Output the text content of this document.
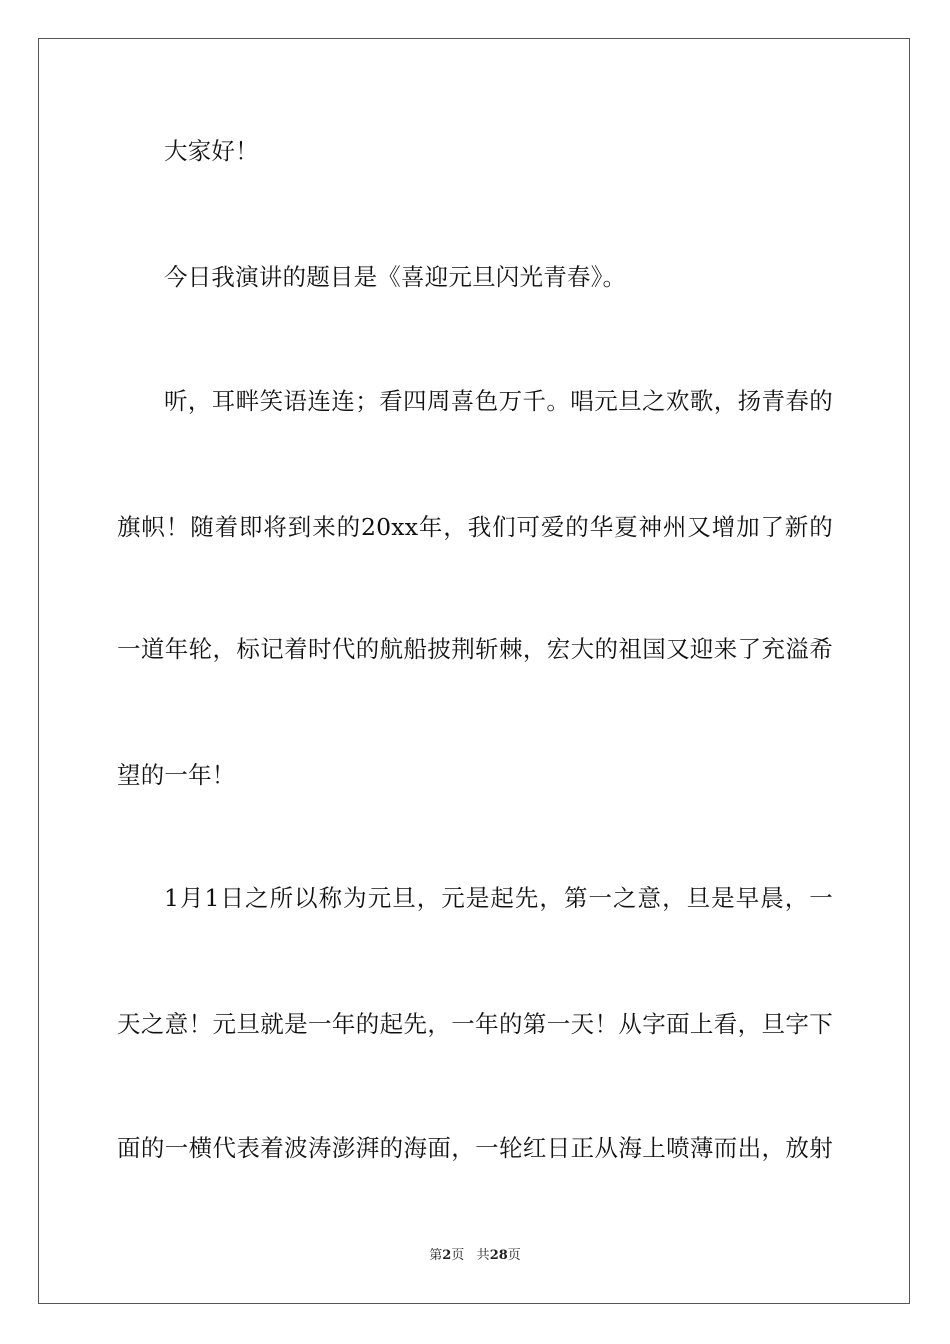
大家好！
今日我演讲的题目是《喜迎元旦闪光青春》。
听，耳畔笑语连连；看四周喜色万千。唱元旦之欢歌，扬青春的
旗帜！随着即将到来的20xx年，我们可爱的华夏神州又增加了新的
一道年轮，标记着时代的航船披荆斩棘，宏大的祖国又迎来了充溢希
望的一年！
1月1日之所以称为元旦，元是起先，第一之意，旦是早晨，一
天之意！元旦就是一年的起先，一年的第一天！从字面上看，旦字下
面的一横代表着波涛澎湃的海面，一轮红日正从海上喷薄而出，放射
第2页 共28页
